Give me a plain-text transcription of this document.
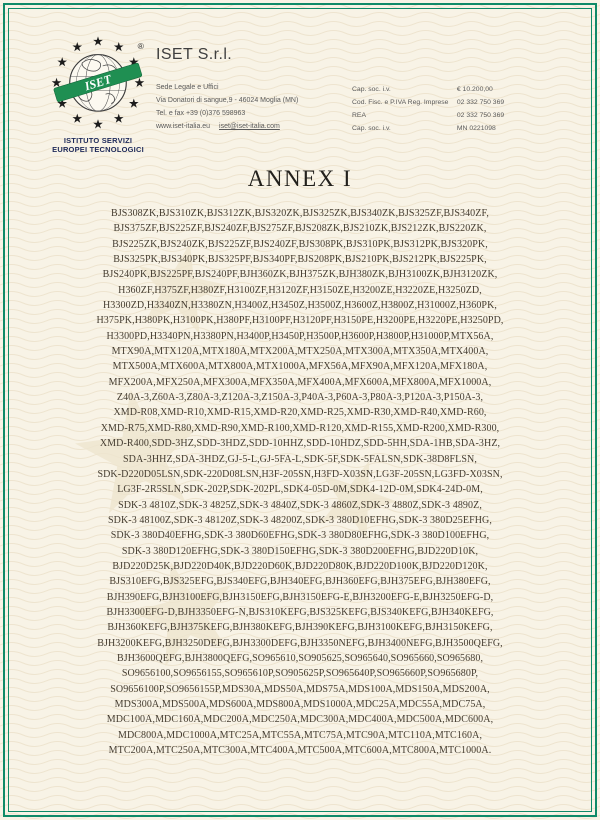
ISET
®
ISTITUTO SERVIZI
EUROPEI TECNOLOGICI
ISET S.r.l.
Sede Legale e Uffici
Via Donatori di sangue,9 - 46024 Moglia (MN)
Tel. e fax +39 (0)376 598963
www.iset-italia.eu iset@iset-italia.com
Cap. soc. i.v.	€ 10.200,00
Cod. Fisc. e P.IVA Reg. Imprese 02 332 750 369
REA	02 332 750 369
Cap. soc. i.v.	MN 0221098
ANNEX I
BJS308ZK,BJS310ZK,BJS312ZK,BJS320ZK,BJS325ZK,BJS340ZK,BJS325ZF,BJS340ZF,
BJS375ZF,BJS225ZF,BJS240ZF,BJS275ZF,BJS208ZK,BJS210ZK,BJS212ZK,BJS220ZK,
BJS225ZK,BJS240ZK,BJS225ZF,BJS240ZF,BJS308PK,BJS310PK,BJS312PK,BJS320PK,
BJS325PK,BJS340PK,BJS325PF,BJS340PF,BJS208PK,BJS210PK,BJS212PK,BJS225PK,
BJS240PK,BJS225PF,BJS240PF,BJH360ZK,BJH375ZK,BJH380ZK,BJH3100ZK,BJH3120ZK,
H360ZF,H375ZF,H380ZF,H3100ZF,H3120ZF,H3150ZE,H3200ZE,H3220ZE,H3250ZD,
H3300ZD,H3340ZN,H3380ZN,H3400Z,H3450Z,H3500Z,H3600Z,H3800Z,H31000Z,H360PK,
H375PK,H380PK,H3100PK,H380PF,H3100PF,H3120PF,H3150PE,H3200PE,H3220PE,H3250PD,
H3300PD,H3340PN,H3380PN,H3400P,H3450P,H3500P,H3600P,H3800P,H31000P,MTX56A,
MTX90A,MTX120A,MTX180A,MTX200A,MTX250A,MTX300A,MTX350A,MTX400A,
MTX500A,MTX600A,MTX800A,MTX1000A,MFX56A,MFX90A,MFX120A,MFX180A,
MFX200A,MFX250A,MFX300A,MFX350A,MFX400A,MFX600A,MFX800A,MFX1000A,
Z40A-3,Z60A-3,Z80A-3,Z120A-3,Z150A-3,P40A-3,P60A-3,P80A-3,P120A-3,P150A-3,
XMD-R08,XMD-R10,XMD-R15,XMD-R20,XMD-R25,XMD-R30,XMD-R40,XMD-R60,
XMD-R75,XMD-R80,XMD-R90,XMD-R100,XMD-R120,XMD-R155,XMD-R200,XMD-R300,
XMD-R400,SDD-3HZ,SDD-3HDZ,SDD-10HHZ,SDD-10HDZ,SDD-5HH,SDA-1HB,SDA-3HZ,
SDA-3HHZ,SDA-3HDZ,GJ-5-L,GJ-5FA-L,SDK-5F,SDK-5FALSN,SDK-38D8FLSN,
SDK-D220D05LSN,SDK-220D08LSN,H3F-205SN,H3FD-X03SN,LG3F-205SN,LG3FD-X03SN,
LG3F-2R5SLN,SDK-202P,SDK-202PL,SDK4-05D-0M,SDK4-12D-0M,SDK4-24D-0M,
SDK-3 4810Z,SDK-3 4825Z,SDK-3 4840Z,SDK-3 4860Z,SDK-3 4880Z,SDK-3 4890Z,
SDK-3 48100Z,SDK-3 48120Z,SDK-3 48200Z,SDK-3 380D10EFHG,SDK-3 380D25EFHG,
SDK-3 380D40EFHG,SDK-3 380D60EFHG,SDK-3 380D80EFHG,SDK-3 380D100EFHG,
SDK-3 380D120EFHG,SDK-3 380D150EFHG,SDK-3 380D200EFHG,BJD220D10K,
BJD220D25K,BJD220D40K,BJD220D60K,BJD220D80K,BJD220D100K,BJD220D120K,
BJS310EFG,BJS325EFG,BJS340EFG,BJH340EFG,BJH360EFG,BJH375EFG,BJH380EFG,
BJH390EFG,BJH3100EFG,BJH3150EFG,BJH3150EFG-E,BJH3200EFG-E,BJH3250EFG-D,
BJH3300EFG-D,BJH3350EFG-N,BJS310KEFG,BJS325KEFG,BJS340KEFG,BJH340KEFG,
BJH360KEFG,BJH375KEFG,BJH380KEFG,BJH390KEFG,BJH3100KEFG,BJH3150KEFG,
BJH3200KEFG,BJH3250DEFG,BJH3300DEFG,BJH3350NEFG,BJH3400NEFG,BJH3500QEFG,
BJH3600QEFG,BJH3800QEFG,SO965610,SO905625,SO965640,SO965660,SO965680,
SO9656100,SO9656155,SO965610P,SO905625P,SO965640P,SO965660P,SO965680P,
SO9656100P,SO9656155P,MDS30A,MDS50A,MDS75A,MDS100A,MDS150A,MDS200A,
MDS300A,MDS500A,MDS600A,MDS800A,MDS1000A,MDC25A,MDC55A,MDC75A,
MDC100A,MDC160A,MDC200A,MDC250A,MDC300A,MDC400A,MDC500A,MDC600A,
MDC800A,MDC1000A,MTC25A,MTC55A,MTC75A,MTC90A,MTC110A,MTC160A,
MTC200A,MTC250A,MTC300A,MTC400A,MTC500A,MTC600A,MTC800A,MTC1000A.
